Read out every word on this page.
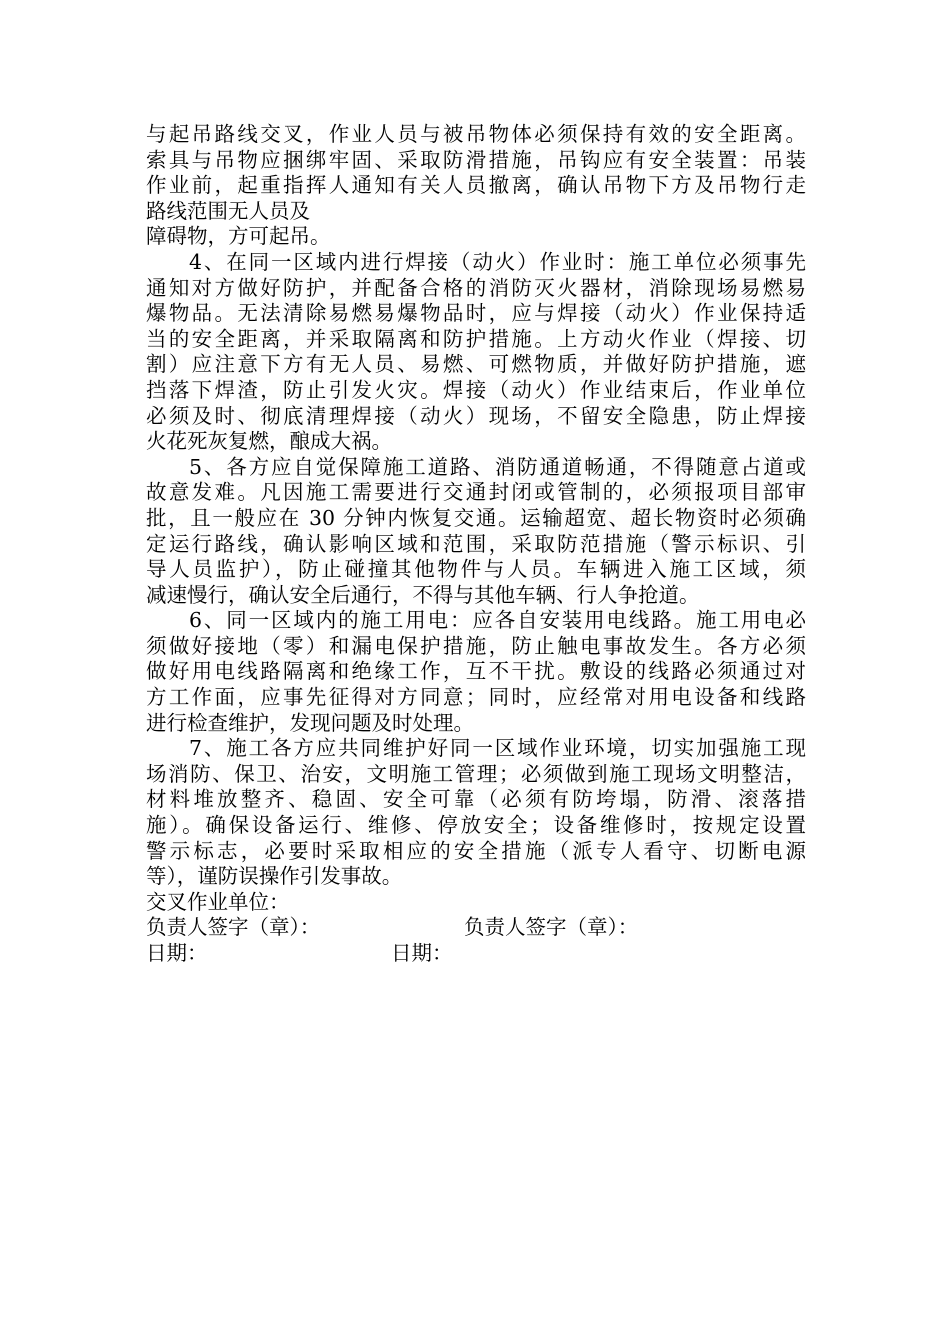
与起吊路线交叉，作业人员与被吊物体必须保持有效的安全距离。
索具与吊物应捆绑牢固、采取防滑措施，吊钩应有安全装置：吊装
作业前，起重指挥人通知有关人员撤离，确认吊物下方及吊物行走
路线范围无人员及
障碍物，方可起吊。
4、在同一区域内进行焊接（动火）作业时：施工单位必须事先
通知对方做好防护，并配备合格的消防灭火器材，消除现场易燃易
爆物品。无法清除易燃易爆物品时，应与焊接（动火）作业保持适
当的安全距离，并采取隔离和防护措施。上方动火作业（焊接、切
割）应注意下方有无人员、易燃、可燃物质，并做好防护措施，遮
挡落下焊渣，防止引发火灾。焊接（动火）作业结束后，作业单位
必须及时、彻底清理焊接（动火）现场，不留安全隐患，防止焊接
火花死灰复燃，酿成大祸。
5、各方应自觉保障施工道路、消防通道畅通，不得随意占道或
故意发难。凡因施工需要进行交通封闭或管制的，必须报项目部审
批，且一般应在 30 分钟内恢复交通。运输超宽、超长物资时必须确
定运行路线，确认影响区域和范围，采取防范措施（警示标识、引
导人员监护），防止碰撞其他物件与人员。车辆进入施工区域，须
减速慢行，确认安全后通行，不得与其他车辆、行人争抢道。
6、同一区域内的施工用电：应各自安装用电线路。施工用电必
须做好接地（零）和漏电保护措施，防止触电事故发生。各方必须
做好用电线路隔离和绝缘工作，互不干扰。敷设的线路必须通过对
方工作面，应事先征得对方同意；同时，应经常对用电设备和线路
进行检查维护，发现问题及时处理。
7、施工各方应共同维护好同一区域作业环境，切实加强施工现
场消防、保卫、治安，文明施工管理；必须做到施工现场文明整洁，
材料堆放整齐、稳固、安全可靠（必须有防垮塌，防滑、滚落措
施）。确保设备运行、维修、停放安全；设备维修时，按规定设置
警示标志，必要时采取相应的安全措施（派专人看守、切断电源
等），谨防误操作引发事故。
交叉作业单位：
负责人签字（章）：	负责人签字（章）：
日期：	日期：
